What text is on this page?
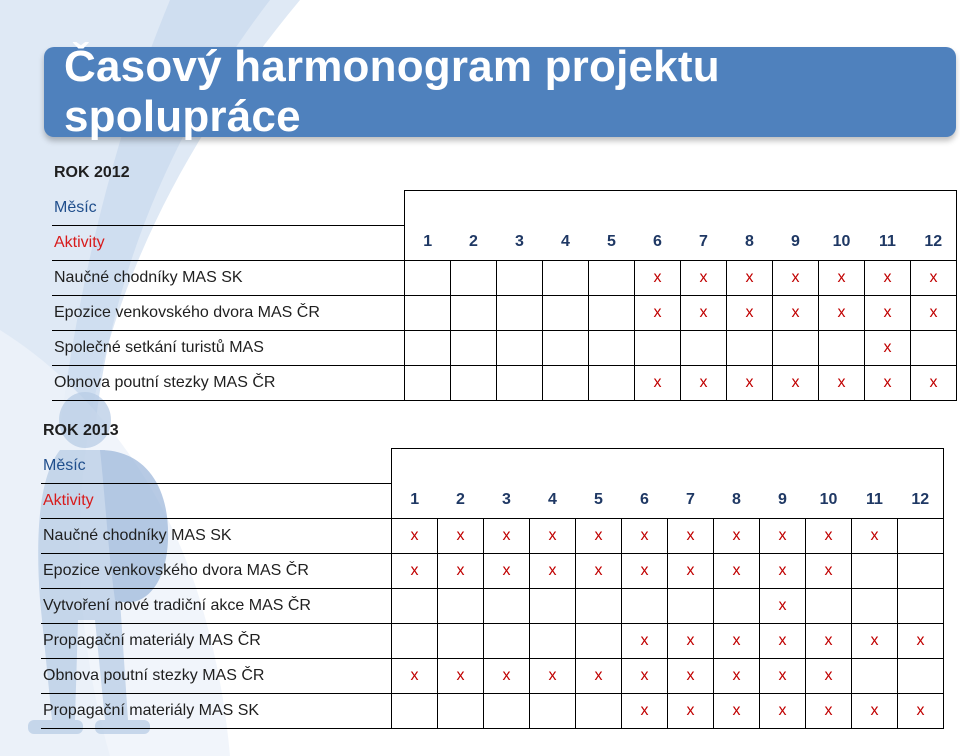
Časový harmonogram projektu spolupráce
ROK 2012												
Měsíc												
Aktivity	1	2	3	4	5	6	7	8	9	10	11	12
Naučné chodníky MAS SK						x	x	x	x	x	x	x
Epozice venkovského dvora MAS ČR						x	x	x	x	x	x	x
Společné setkání turistů MAS											x	
Obnova poutní stezky MAS ČR						x	x	x	x	x	x	x
ROK 2013												
Měsíc												
Aktivity	1	2	3	4	5	6	7	8	9	10	11	12
Naučné chodníky MAS SK	x	x	x	x	x	x	x	x	x	x	x	
Epozice venkovského dvora MAS ČR	x	x	x	x	x	x	x	x	x	x		
Vytvoření nové tradiční akce MAS ČR									x			
Propagační materiály MAS ČR						x	x	x	x	x	x	x
Obnova poutní stezky MAS ČR	x	x	x	x	x	x	x	x	x	x		
Propagační materiály MAS SK						x	x	x	x	x	x	x
